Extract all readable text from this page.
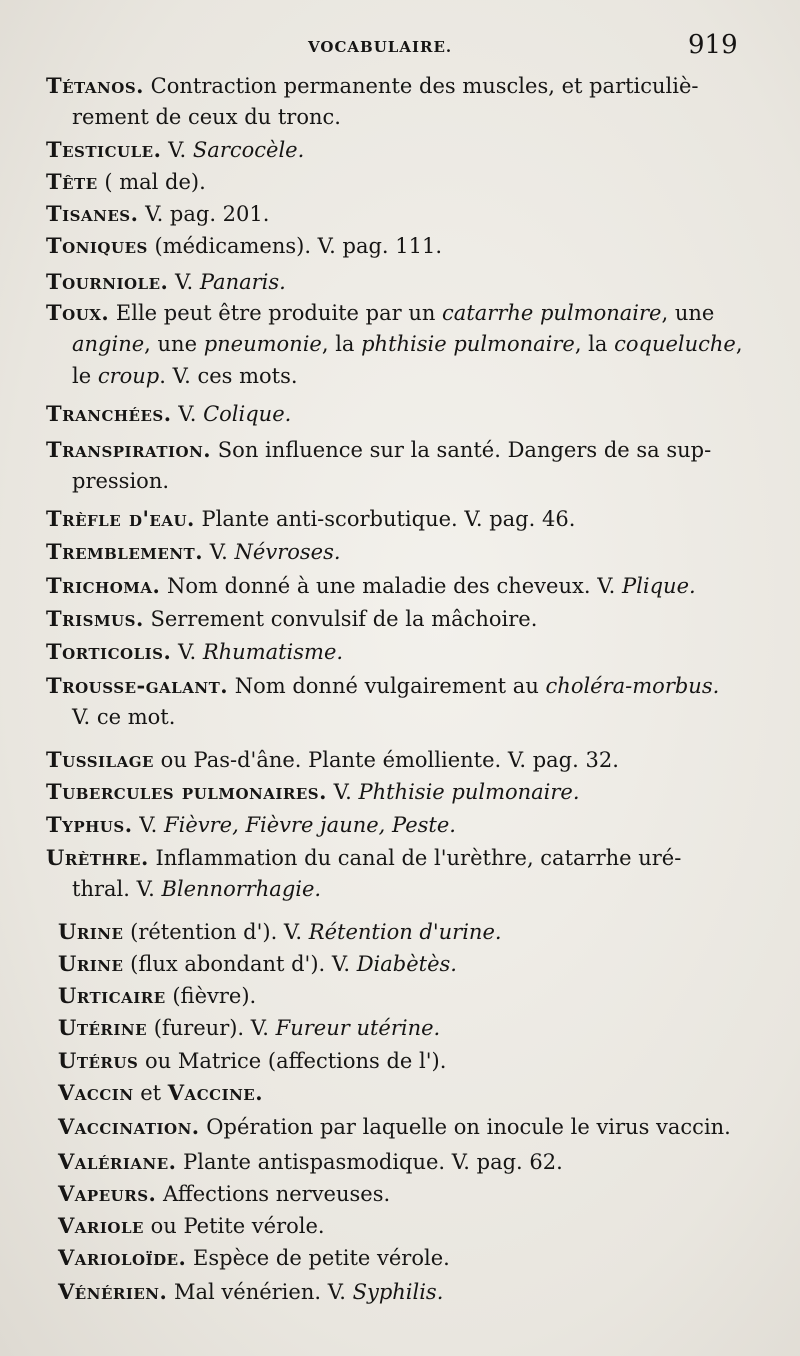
VOCABULAIRE.	919
Tétanos. Contraction permanente des muscles, et particuliè-
rement de ceux du tronc.
Testicule. V. Sarcocèle.
Tête ( mal de).
Tisanes. V. pag. 201.
Toniques (médicamens). V. pag. 111.
Tourniole. V. Panaris.
Toux. Elle peut être produite par un catarrhe pulmonaire, une
angine, une pneumonie, la phthisie pulmonaire, la coqueluche,
le croup. V. ces mots.
Tranchées. V. Colique.
Transpiration. Son influence sur la santé. Dangers de sa sup-
pression.
Trèfle d'eau. Plante anti-scorbutique. V. pag. 46.
Tremblement. V. Névroses.
Trichoma. Nom donné à une maladie des cheveux. V. Plique.
Trismus. Serrement convulsif de la mâchoire.
Torticolis. V. Rhumatisme.
Trousse-galant. Nom donné vulgairement au choléra-morbus.
V. ce mot.
Tussilage ou Pas-d'âne. Plante émolliente. V. pag. 32.
Tubercules pulmonaires. V. Phthisie pulmonaire.
Typhus. V. Fièvre, Fièvre jaune, Peste.
Urèthre. Inflammation du canal de l'urèthre, catarrhe uré-
thral. V. Blennorrhagie.
Urine (rétention d'). V. Rétention d'urine.
Urine (flux abondant d'). V. Diabètès.
Urticaire (fièvre).
Utérine (fureur). V. Fureur utérine.
Utérus ou Matrice (affections de l').
Vaccin et Vaccine.
Vaccination. Opération par laquelle on inocule le virus vaccin.
Valériane. Plante antispasmodique. V. pag. 62.
Vapeurs. Affections nerveuses.
Variole ou Petite vérole.
Varioloïde. Espèce de petite vérole.
Vénérien. Mal vénérien. V. Syphilis.
